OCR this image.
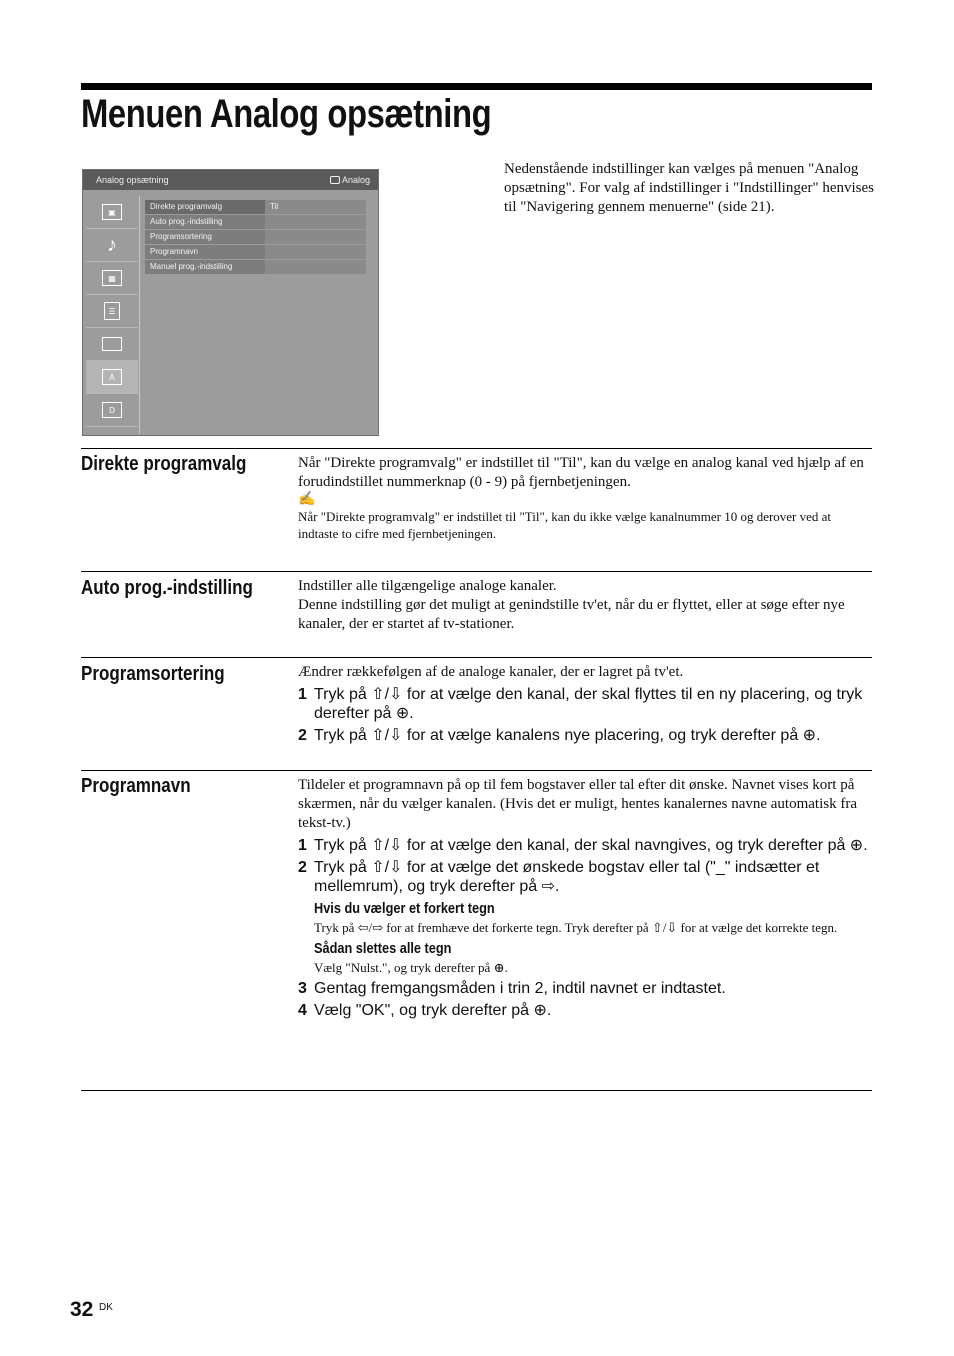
Menuen Analog opsætning
Analog opsætning	Analog
▣
♪
▦
☰
A
D
Direkte programvalg	Til
Auto prog.-indstilling
Programsortering
Programnavn
Manuel prog.-indstilling
Nedenstående indstillinger kan vælges på menuen "Analog opsætning". For valg af indstillinger i "Indstillinger" henvises til "Navigering gennem menuerne" (side 21).
Direkte programvalg	Når "Direkte programvalg" er indstillet til "Til", kan du vælge en analog kanal ved hjælp af en forudindstillet nummerknap (0 - 9) på fjernbetjeningen.
✍
Når "Direkte programvalg" er indstillet til "Til", kan du ikke vælge kanalnummer 10 og derover ved at indtaste to cifre med fjernbetjeningen.
Auto prog.-indstilling	Indstiller alle tilgængelige analoge kanaler.
Denne indstilling gør det muligt at genindstille tv'et, når du er flyttet, eller at søge efter nye kanaler, der er startet af tv-stationer.
Programsortering	Ændrer rækkefølgen af de analoge kanaler, der er lagret på tv'et.
1 Tryk på ⇧/⇩ for at vælge den kanal, der skal flyttes til en ny placering, og tryk derefter på ⊕.
2 Tryk på ⇧/⇩ for at vælge kanalens nye placering, og tryk derefter på ⊕.
Programnavn	Tildeler et programnavn på op til fem bogstaver eller tal efter dit ønske. Navnet vises kort på skærmen, når du vælger kanalen. (Hvis det er muligt, hentes kanalernes navne automatisk fra tekst-tv.)
1 Tryk på ⇧/⇩ for at vælge den kanal, der skal navngives, og tryk derefter på ⊕.
2 Tryk på ⇧/⇩ for at vælge det ønskede bogstav eller tal ("_" indsætter et mellemrum), og tryk derefter på ⇨.
Hvis du vælger et forkert tegn
Tryk på ⇦/⇨ for at fremhæve det forkerte tegn. Tryk derefter på ⇧/⇩ for at vælge det korrekte tegn.
Sådan slettes alle tegn
Vælg "Nulst.", og tryk derefter på ⊕.
3 Gentag fremgangsmåden i trin 2, indtil navnet er indtastet.
4 Vælg "OK", og tryk derefter på ⊕.
32 DK
